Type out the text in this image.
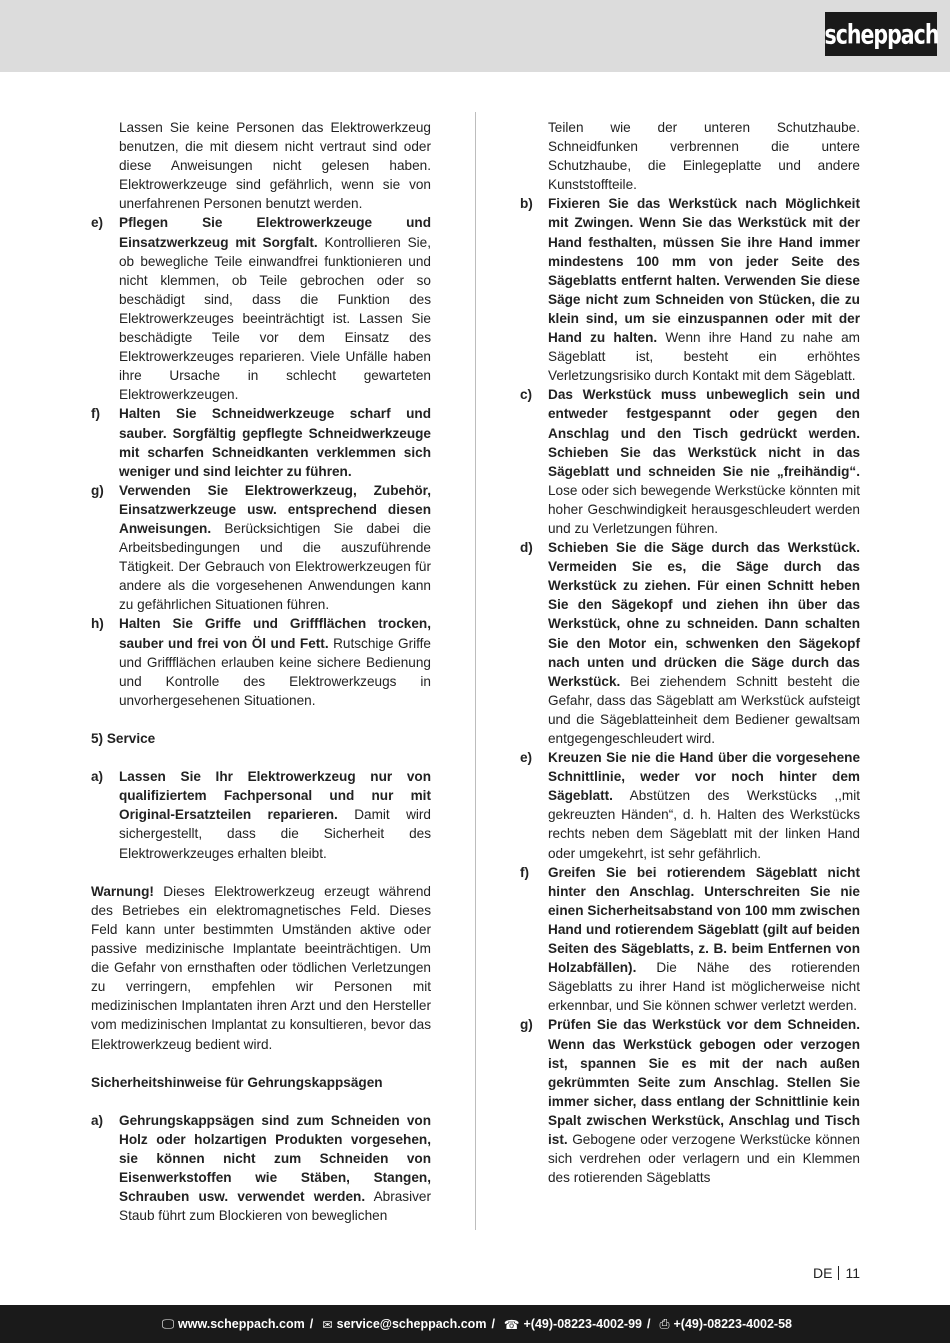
scheppach
Lassen Sie keine Personen das Elektrowerkzeug benutzen, die mit diesem nicht vertraut sind oder diese Anweisungen nicht gelesen haben. Elektrowerkzeuge sind gefährlich, wenn sie von unerfahrenen Personen benutzt werden.
e) Pflegen Sie Elektrowerkzeuge und Einsatzwerkzeug mit Sorgfalt. Kontrollieren Sie, ob bewegliche Teile einwandfrei funktionieren und nicht klemmen, ob Teile gebrochen oder so beschädigt sind, dass die Funktion des Elektrowerkzeuges beeinträchtigt ist. Lassen Sie beschädigte Teile vor dem Einsatz des Elektrowerkzeuges reparieren. Viele Unfälle haben ihre Ursache in schlecht gewarteten Elektrowerkzeugen.
f) Halten Sie Schneidwerkzeuge scharf und sauber. Sorgfältig gepflegte Schneidwerkzeuge mit scharfen Schneidkanten verklemmen sich weniger und sind leichter zu führen.
g) Verwenden Sie Elektrowerkzeug, Zubehör, Einsatzwerkzeuge usw. entsprechend diesen Anweisungen. Berücksichtigen Sie dabei die Arbeitsbedingungen und die auszuführende Tätigkeit. Der Gebrauch von Elektrowerkzeugen für andere als die vorgesehenen Anwendungen kann zu gefährlichen Situationen führen.
h) Halten Sie Griffe und Griffflächen trocken, sauber und frei von Öl und Fett. Rutschige Griffe und Griffflächen erlauben keine sichere Bedienung und Kontrolle des Elektrowerkzeugs in unvorhergesehenen Situationen.
5) Service
a) Lassen Sie Ihr Elektrowerkzeug nur von qualifiziertem Fachpersonal und nur mit Original-Ersatzteilen reparieren. Damit wird sichergestellt, dass die Sicherheit des Elektrowerkzeuges erhalten bleibt.
Warnung! Dieses Elektrowerkzeug erzeugt während des Betriebes ein elektromagnetisches Feld. Dieses Feld kann unter bestimmten Umständen aktive oder passive medizinische Implantate beeinträchtigen. Um die Gefahr von ernsthaften oder tödlichen Verletzungen zu verringern, empfehlen wir Personen mit medizinischen Implantaten ihren Arzt und den Hersteller vom medizinischen Implantat zu konsultieren, bevor das Elektrowerkzeug bedient wird.
Sicherheitshinweise für Gehrungskappsägen
a) Gehrungskappsägen sind zum Schneiden von Holz oder holzartigen Produkten vorgesehen, sie können nicht zum Schneiden von Eisenwerkstoffen wie Stäben, Stangen, Schrauben usw. verwendet werden. Abrasiver Staub führt zum Blockieren von beweglichen
Teilen wie der unteren Schutzhaube. Schneidfunken verbrennen die untere Schutzhaube, die Einlegeplatte und andere Kunststoffteile.
b) Fixieren Sie das Werkstück nach Möglichkeit mit Zwingen. Wenn Sie das Werkstück mit der Hand festhalten, müssen Sie ihre Hand immer mindestens 100 mm von jeder Seite des Sägeblatts entfernt halten. Verwenden Sie diese Säge nicht zum Schneiden von Stücken, die zu klein sind, um sie einzuspannen oder mit der Hand zu halten. Wenn ihre Hand zu nahe am Sägeblatt ist, besteht ein erhöhtes Verletzungsrisiko durch Kontakt mit dem Sägeblatt.
c) Das Werkstück muss unbeweglich sein und entweder festgespannt oder gegen den Anschlag und den Tisch gedrückt werden. Schieben Sie das Werkstück nicht in das Sägeblatt und schneiden Sie nie „freihändig“. Lose oder sich bewegende Werkstücke könnten mit hoher Geschwindigkeit herausgeschleudert werden und zu Verletzungen führen.
d) Schieben Sie die Säge durch das Werkstück. Vermeiden Sie es, die Säge durch das Werkstück zu ziehen. Für einen Schnitt heben Sie den Sägekopf und ziehen ihn über das Werkstück, ohne zu schneiden. Dann schalten Sie den Motor ein, schwenken den Sägekopf nach unten und drücken die Säge durch das Werkstück. Bei ziehendem Schnitt besteht die Gefahr, dass das Sägeblatt am Werkstück aufsteigt und die Sägeblatteinheit dem Bediener gewaltsam entgegengeschleudert wird.
e) Kreuzen Sie nie die Hand über die vorgesehene Schnittlinie, weder vor noch hinter dem Sägeblatt. Abstützen des Werkstücks ,,mit gekreuzten Händen“, d. h. Halten des Werkstücks rechts neben dem Sägeblatt mit der linken Hand oder umgekehrt, ist sehr gefährlich.
f) Greifen Sie bei rotierendem Sägeblatt nicht hinter den Anschlag. Unterschreiten Sie nie einen Sicherheitsabstand von 100 mm zwischen Hand und rotierendem Sägeblatt (gilt auf beiden Seiten des Sägeblatts, z. B. beim Entfernen von Holzabfällen). Die Nähe des rotierenden Sägeblatts zu ihrer Hand ist möglicherweise nicht erkennbar, und Sie können schwer verletzt werden.
g) Prüfen Sie das Werkstück vor dem Schneiden. Wenn das Werkstück gebogen oder verzogen ist, spannen Sie es mit der nach außen gekrümmten Seite zum Anschlag. Stellen Sie immer sicher, dass entlang der Schnittlinie kein Spalt zwischen Werkstück, Anschlag und Tisch ist. Gebogene oder verzogene Werkstücke können sich verdrehen oder verlagern und ein Klemmen des rotierenden Sägeblatts
DE 11
🖵 www.scheppach.com / ✉ service@scheppach.com / ☎ +(49)-08223-4002-99 / ⎙ +(49)-08223-4002-58
